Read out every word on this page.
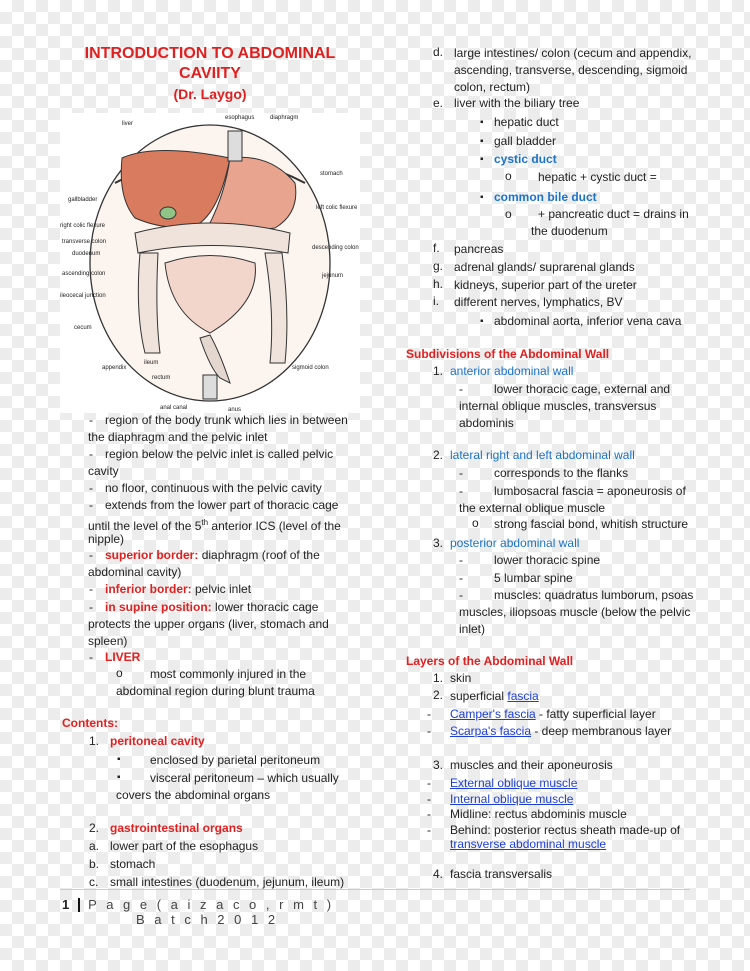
INTRODUCTION TO ABDOMINAL
CAVIITY
(Dr. Laygo)
liver
esophagus	diaphragm
stomach
gallbladder
left colic flexure
right colic flexure
transverse colon
duodenum
descending colon
ascending colon	jejunum
ileocecal junction
cecum
ileum
appendix	sigmoid colon
rectum
anal canal	anus
- region of the body trunk which lies in between
the diaphragm and the pelvic inlet
- region below the pelvic inlet is called pelvic
cavity
- no floor, continuous with the pelvic cavity
- extends from the lower part of thoracic cage
until the level of the 5th anterior ICS (level of the
nipple)
- superior border: diaphragm (roof of the
abdominal cavity)
- inferior border: pelvic inlet
- in supine position: lower thoracic cage
protects the upper organs (liver, stomach and
spleen)
- LIVER
o most commonly injured in the
abdominal region during blunt trauma
Contents:
1. peritoneal cavity
▪ enclosed by parietal peritoneum
▪ visceral peritoneum – which usually
covers the abdominal organs
2. gastrointestinal organs
a. lower part of the esophagus
b. stomach
c. small intestines (duodenum, jejunum, ileum)
d. large intestines/ colon (cecum and appendix,
ascending, transverse, descending, sigmoid
colon, rectum)
e. liver with the biliary tree
▪ hepatic duct
▪ gall bladder
▪ cystic duct
o hepatic + cystic duct =
▪ common bile duct
o + pancreatic duct = drains in
the duodenum
f. pancreas
g. adrenal glands/ suprarenal glands
h. kidneys, superior part of the ureter
i. different nerves, lymphatics, BV
▪ abdominal aorta, inferior vena cava
Subdivisions of the Abdominal Wall
1. anterior abdominal wall
-	lower thoracic cage, external and
internal oblique muscles, transversus
abdominis
2. lateral right and left abdominal wall
-	corresponds to the flanks
-	lumbosacral fascia = aponeurosis of
the external oblique muscle
o strong fascial bond, whitish structure
3. posterior abdominal wall
-	lower thoracic spine
-	5 lumbar spine
-	muscles: quadratus lumborum, psoas
muscles, iliopsoas muscle (below the pelvic
inlet)
Layers of the Abdominal Wall
1. skin
2. superficial fascia
- Camper's fascia - fatty superficial layer
- Scarpa's fascia - deep membranous layer
3. muscles and their aponeurosis
- External oblique muscle
- Internal oblique muscle
- Midline: rectus abdominis muscle
- Behind: posterior rectus sheath made-up of
transverse abdominal muscle
4. fascia transversalis
1 P a g e ( a i z a c o , r m t )
B a t c h 2 0 1 2
